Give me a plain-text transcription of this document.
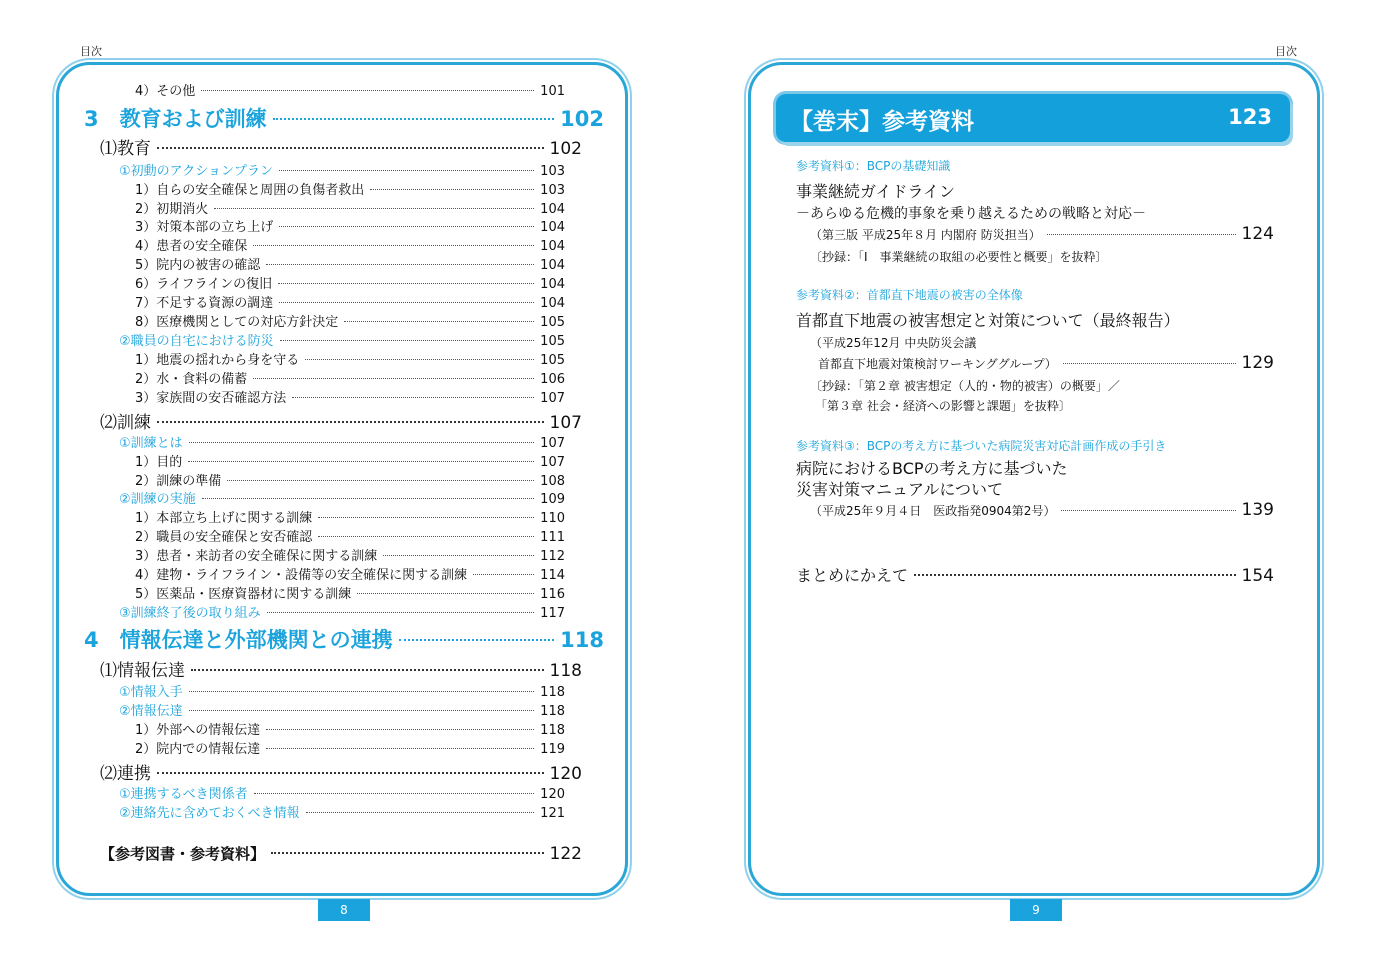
目次
4）その他	101
3　教育および訓練	102
⑴教育	102
①初動のアクションプラン	103
1）自らの安全確保と周囲の負傷者救出	103
2）初期消火	104
3）対策本部の立ち上げ	104
4）患者の安全確保	104
5）院内の被害の確認	104
6）ライフラインの復旧	104
7）不足する資源の調達	104
8）医療機関としての対応方針決定	105
②職員の自宅における防災	105
1）地震の揺れから身を守る	105
2）水・食料の備蓄	106
3）家族間の安否確認方法	107
⑵訓練	107
①訓練とは	107
1）目的	107
2）訓練の準備	108
②訓練の実施	109
1）本部立ち上げに関する訓練	110
2）職員の安全確保と安否確認	111
3）患者・来訪者の安全確保に関する訓練	112
4）建物・ライフライン・設備等の安全確保に関する訓練	114
5）医薬品・医療資器材に関する訓練	116
③訓練終了後の取り組み	117
4　情報伝達と外部機関との連携	118
⑴情報伝達	118
①情報入手	118
②情報伝達	118
1）外部への情報伝達	118
2）院内での情報伝達	119
⑵連携	120
①連携するべき関係者	120
②連絡先に含めておくべき情報	121
【参考図書・参考資料】	122
8
目次
【巻末】参考資料	123
参考資料①：BCPの基礎知識
事業継続ガイドライン
－あらゆる危機的事象を乗り越えるための戦略と対応－
（第三版 平成25年８月 内閣府 防災担当）	124
〔抄録：「Ⅰ　事業継続の取組の必要性と概要」を抜粋〕
参考資料②：首都直下地震の被害の全体像
首都直下地震の被害想定と対策について（最終報告）
（平成25年12月 中央防災会議
首都直下地震対策検討ワーキンググループ）	129
〔抄録：「第２章 被害想定（人的・物的被害）の概要」／
「第３章 社会・経済への影響と課題」を抜粋〕
参考資料③：BCPの考え方に基づいた病院災害対応計画作成の手引き
病院におけるBCPの考え方に基づいた
災害対策マニュアルについて
（平成25年９月４日　医政指発0904第2号）	139
まとめにかえて	154
9
